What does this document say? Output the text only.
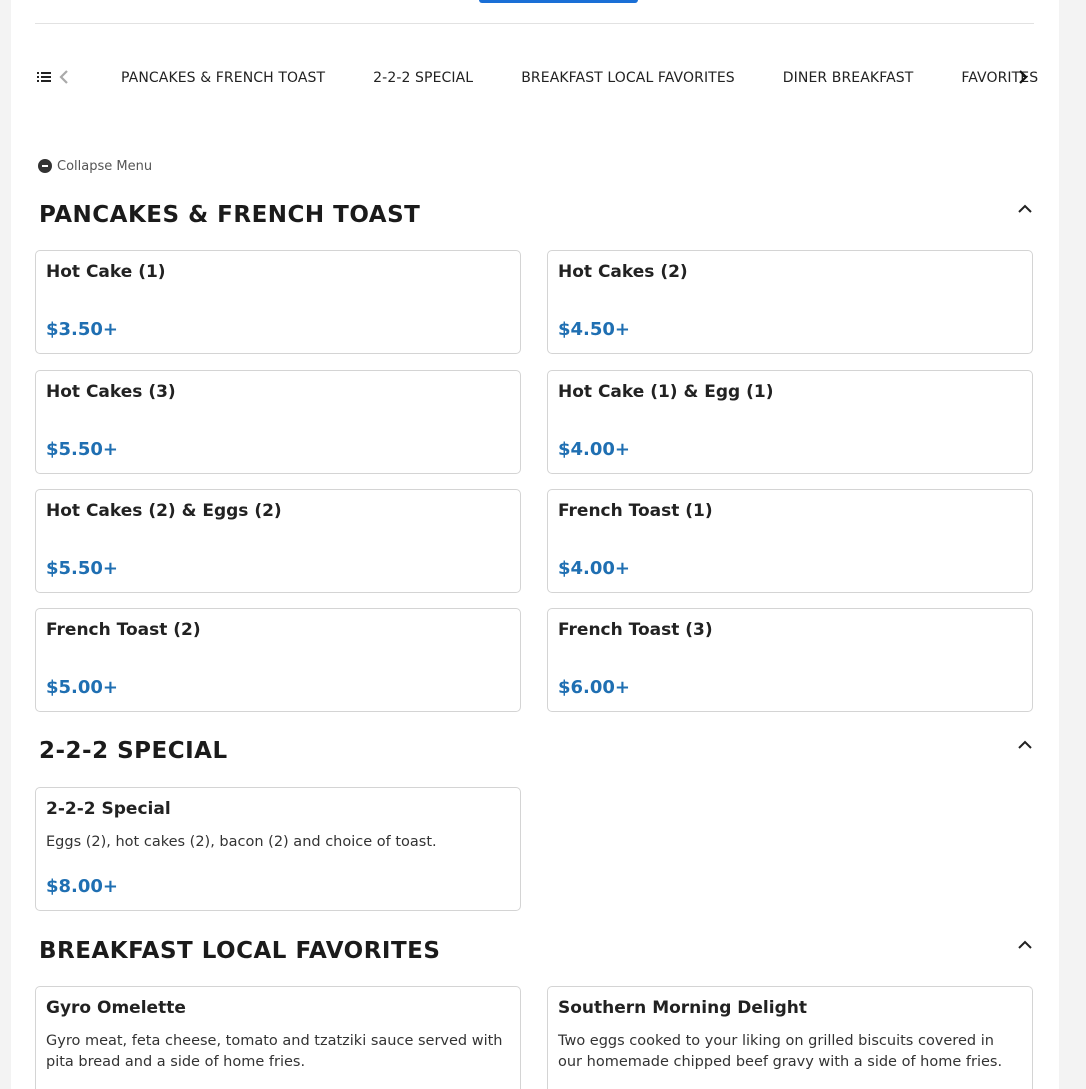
PANCAKES & FRENCH TOAST	2-2-2 SPECIAL	BREAKFAST LOCAL FAVORITES	DINER BREAKFAST	FAVORITES
Collapse Menu
PANCAKES & FRENCH TOAST
Hot Cake (1)
$3.50+
Hot Cakes (2)
$4.50+
Hot Cakes (3)
$5.50+
Hot Cake (1) & Egg (1)
$4.00+
Hot Cakes (2) & Eggs (2)
$5.50+
French Toast (1)
$4.00+
French Toast (2)
$5.00+
French Toast (3)
$6.00+
2-2-2 SPECIAL
2-2-2 Special
Eggs (2), hot cakes (2), bacon (2) and choice of toast.
$8.00+
BREAKFAST LOCAL FAVORITES
Gyro Omelette
Gyro meat, feta cheese, tomato and tzatziki sauce served with pita bread and a side of home fries.
Southern Morning Delight
Two eggs cooked to your liking on grilled biscuits covered in our homemade chipped beef gravy with a side of home fries.
